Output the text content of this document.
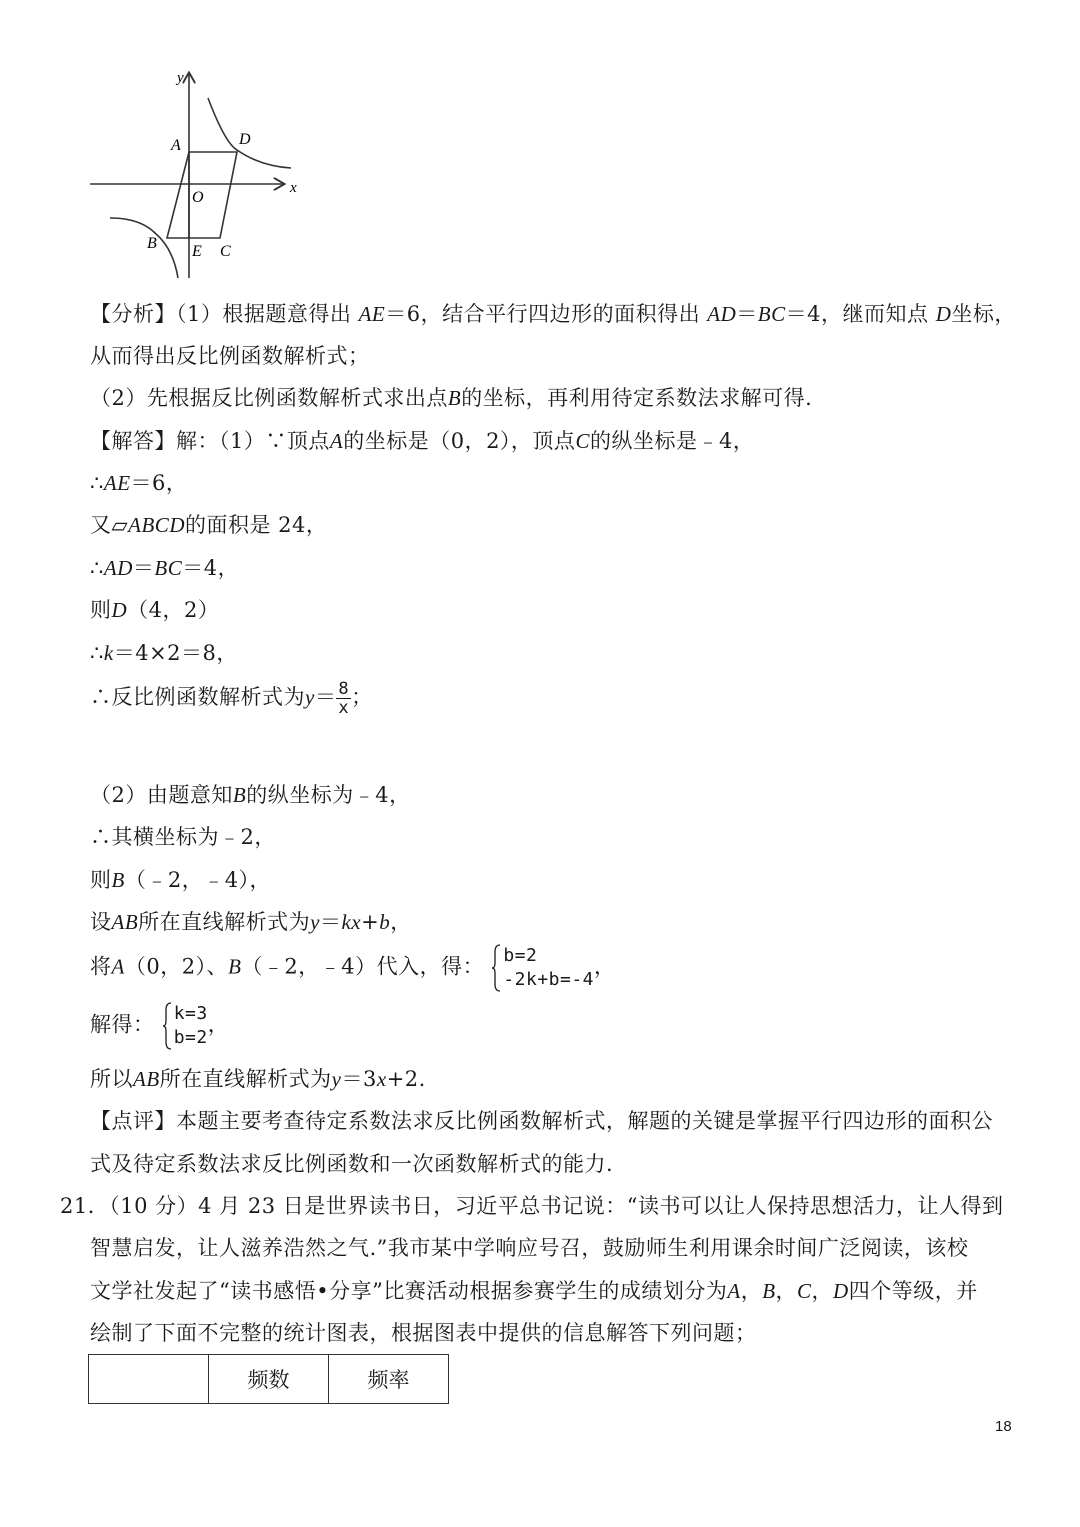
y
x
A	D
O
B E C
【分析】（1）根据题意得出 AE＝6，结合平行四边形的面积得出 AD＝BC＝4，继而知点 D坐标，
从而得出反比例函数解析式；
（2）先根据反比例函数解析式求出点B的坐标，再利用待定系数法求解可得.
【解答】解：（1）∵顶点A的坐标是（0，2），顶点C的纵坐标是﹣4，
∴AE＝6，
又▱ABCD的面积是 24，
∴AD＝BC＝4，
则D（4，2）
∴k＝4×2＝8，
∴反比例函数解析式为$y= \frac{8}{x}$ ；
（2）由题意知B的纵坐标为﹣4，
∴其横坐标为﹣2，
则B（﹣2，﹣4），
设AB所在直线解析式为y＝kx+b，
将A（0，2）、B（﹣2，﹣4）代入，得： b=2
-2k+b=-4
，
解得： k=3
b=2
，
所以AB所在直线解析式为y＝3x+2.
【点评】本题主要考查待定系数法求反比例函数解析式，解题的关键是掌握平行四边形的面积公
式及待定系数法求反比例函数和一次函数解析式的能力.
21．（10 分）4 月 23 日是世界读书日，习近平总书记说：“读书可以让人保持思想活力，让人得到
智慧启发，让人滋养浩然之气.”我市某中学响应号召，鼓励师生利用课余时间广泛阅读，该校
文学社发起了“读书感悟•分享”比赛活动根据参赛学生的成绩划分为A，B，C，D四个等级，并
绘制了下面不完整的统计图表，根据图表中提供的信息解答下列问题；
	频数	频率
18
